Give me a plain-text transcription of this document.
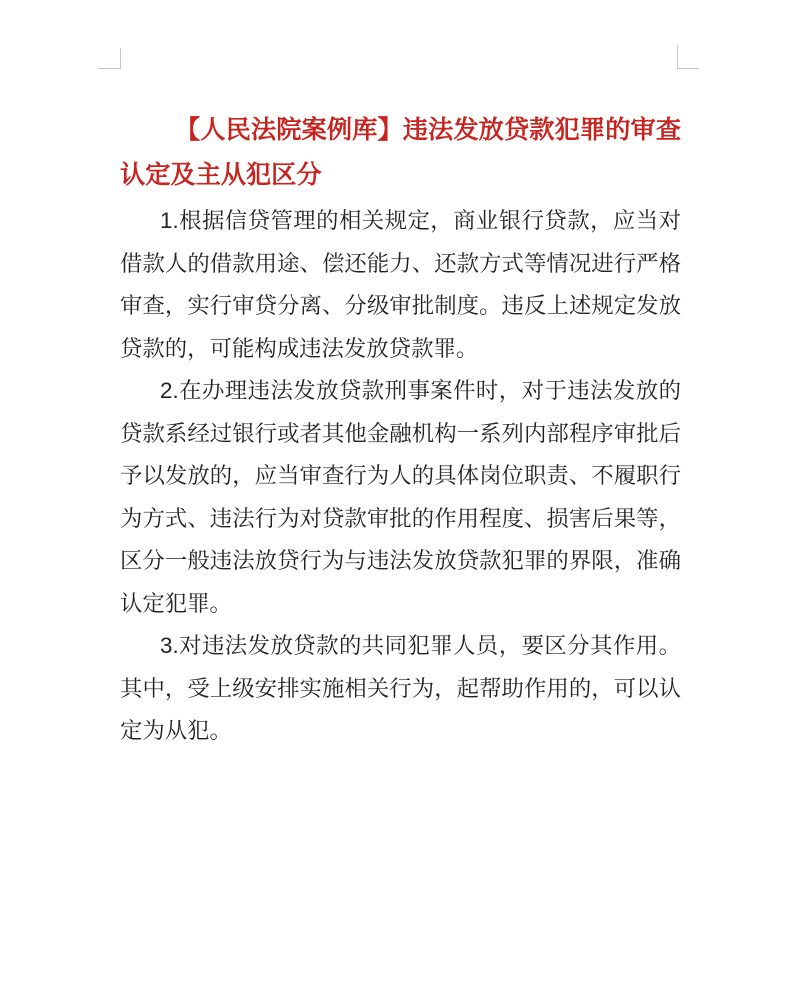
【人民法院案例库】违法发放贷款犯罪的审查认定及主从犯区分

1.根据信贷管理的相关规定，商业银行贷款，应当对借款人的借款用途、偿还能力、还款方式等情况进行严格审查，实行审贷分离、分级审批制度。违反上述规定发放贷款的，可能构成违法发放贷款罪。

2.在办理违法发放贷款刑事案件时，对于违法发放的贷款系经过银行或者其他金融机构一系列内部程序审批后予以发放的，应当审查行为人的具体岗位职责、不履职行为方式、违法行为对贷款审批的作用程度、损害后果等，区分一般违法放贷行为与违法发放贷款犯罪的界限，准确认定犯罪。

3.对违法发放贷款的共同犯罪人员，要区分其作用。其中，受上级安排实施相关行为，起帮助作用的，可以认定为从犯。
